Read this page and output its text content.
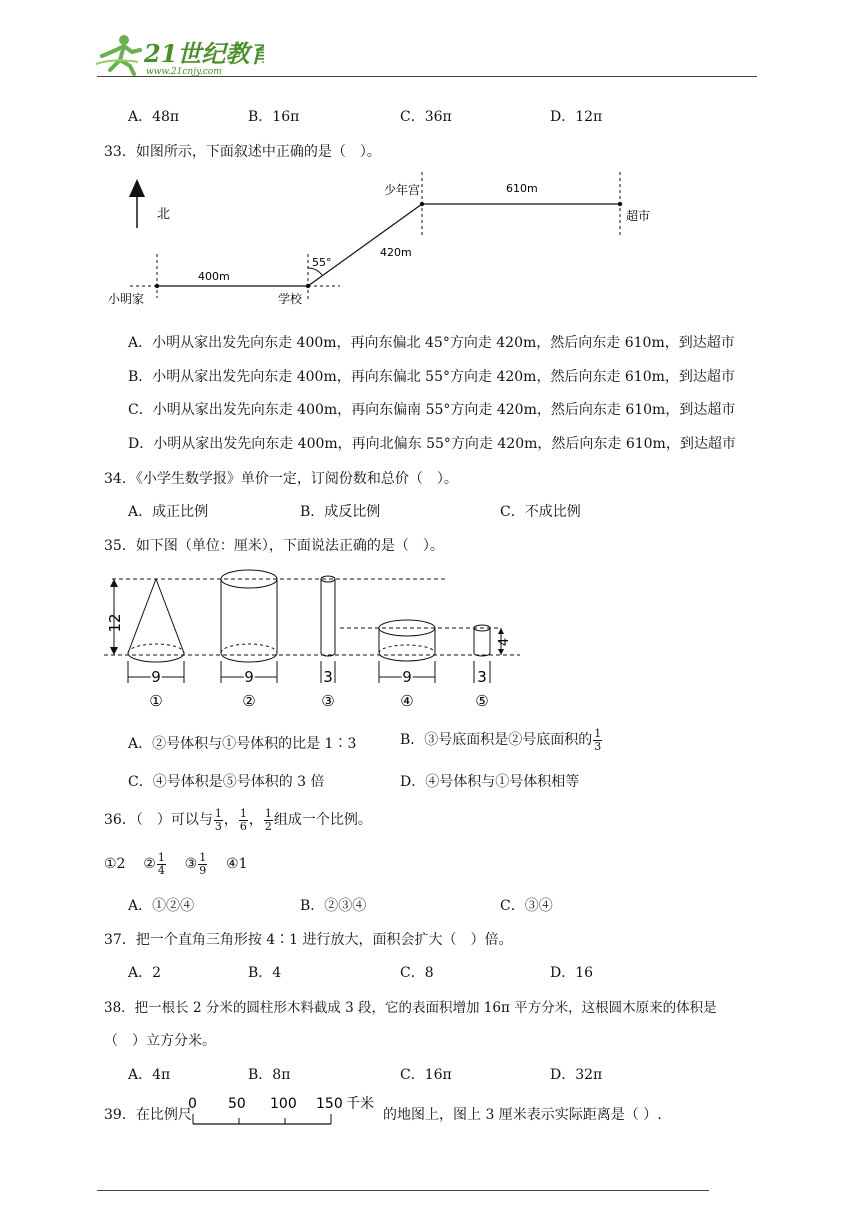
21世纪教育
www.21cnjy.com
A．48π	B．16π	C．36π	D．12π
33．如图所示，下面叙述中正确的是（　）。
北
400m
小明家	学校
55°
420m
少年宫	610m
超市
A．小明从家出发先向东走 400m，再向东偏北 45°方向走 420m，然后向东走 610m，到达超市
B．小明从家出发先向东走 400m，再向东偏北 55°方向走 420m，然后向东走 610m，到达超市
C．小明从家出发先向东走 400m，再向东偏南 55°方向走 420m，然后向东走 610m，到达超市
D．小明从家出发先向东走 400m，再向北偏东 55°方向走 420m，然后向东走 610m，到达超市
34．《小学生数学报》单价一定，订阅份数和总价（　）。
A．成正比例	B．成反比例	C．不成比例
35．如下图（单位：厘米），下面说法正确的是（　）。
12
9
①
9
②
3
③
9
④
3
⑤
4
A．②号体积与①号体积的比是 1∶3	B．③号底面积是②号底面积的 $\frac{1}{3}$
C．④号体积是⑤号体积的 3 倍	D．④号体积与①号体积相等
36．（　）可以与 $\frac{1}{3}$ ， $\frac{1}{6}$ ， $\frac{1}{2}$ 组成一个比例。
①2 ② $\frac{1}{4}$ ③ $\frac{1}{9}$ ④1
A．①②④	B．②③④	C．③④
37．把一个直角三角形按 4∶1 进行放大，面积会扩大（　）倍。
A．2	B．4	C．8	D．16
38．把一根长 2 分米的圆柱形木料截成 3 段，它的表面积增加 16π 平方分米，这根圆木原来的体积是
（　）立方分米。
A．4π	B．8π	C．16π	D．32π
39．在比例尺
0 50 100 150 千米
的地图上，图上 3 厘米表示实际距离是（ ）.
